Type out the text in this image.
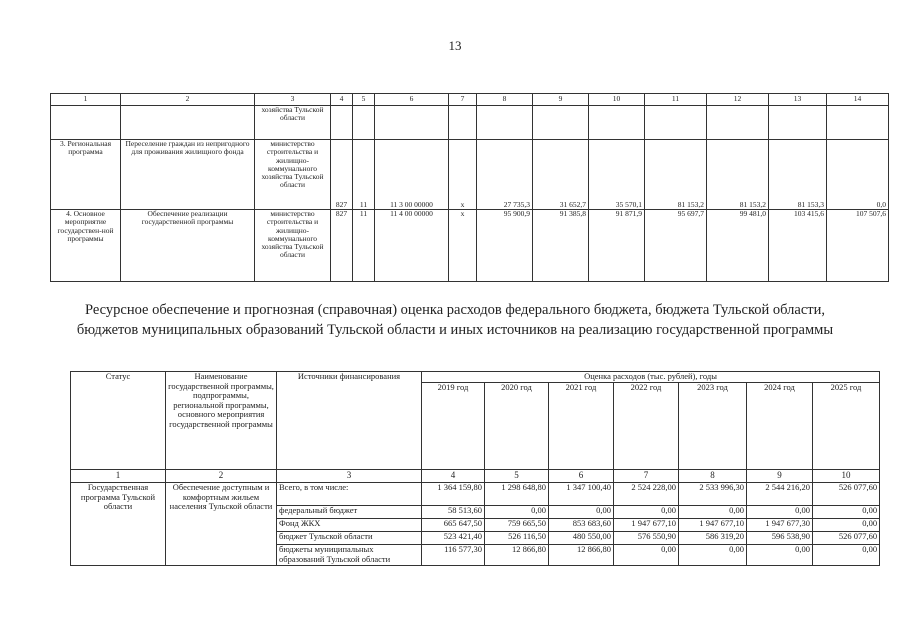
13
1	2	3	4	5	6	7	8	9	10	11	12	13	14
		хозяйства Тульской области											
3. Региональная программа	Переселение граждан из непригодного для проживания жилищного фонда	министерство строительства и жилищно-коммунального хозяйства Тульской области	827	11	11 3 00 00000	х	27 735,3	31 652,7	35 570,1	81 153,2	81 153,2	81 153,3	0,0
4. Основное мероприятие государствен-ной программы	Обеспечение реализации государственной программы	министерство строительства и жилищно-коммунального хозяйства Тульской области	827	11	11 4 00 00000	х	95 900,9	91 385,8	91 871,9	95 697,7	99 481,0	103 415,6	107 507,6
Ресурсное обеспечение и прогнозная (справочная) оценка расходов федерального бюджета, бюджета Тульской области, бюджетов муниципальных образований Тульской области и иных источников на реализацию государственной программы
Статус	Наименование государственной программы, подпрограммы, региональной программы, основного мероприятия государственной программы	Источники финансирования	Оценка расходов (тыс. рублей), годы						
			2019 год	2020 год	2021 год	2022 год	2023 год	2024 год	2025 год
1	2	3	4	5	6	7	8	9	10
Государственная программа Тульской области	Обеспечение доступным и комфортным жильем населения Тульской области	Всего, в том числе:	1 364 159,80	1 298 648,80	1 347 100,40	2 524 228,00	2 533 996,30	2 544 216,20	526 077,60
		федеральный бюджет	58 513,60	0,00	0,00	0,00	0,00	0,00	0,00
		Фонд ЖКХ	665 647,50	759 665,50	853 683,60	1 947 677,10	1 947 677,10	1 947 677,30	0,00
		бюджет Тульской области	523 421,40	526 116,50	480 550,00	576 550,90	586 319,20	596 538,90	526 077,60
		бюджеты муниципальных образований Тульской области	116 577,30	12 866,80	12 866,80	0,00	0,00	0,00	0,00
